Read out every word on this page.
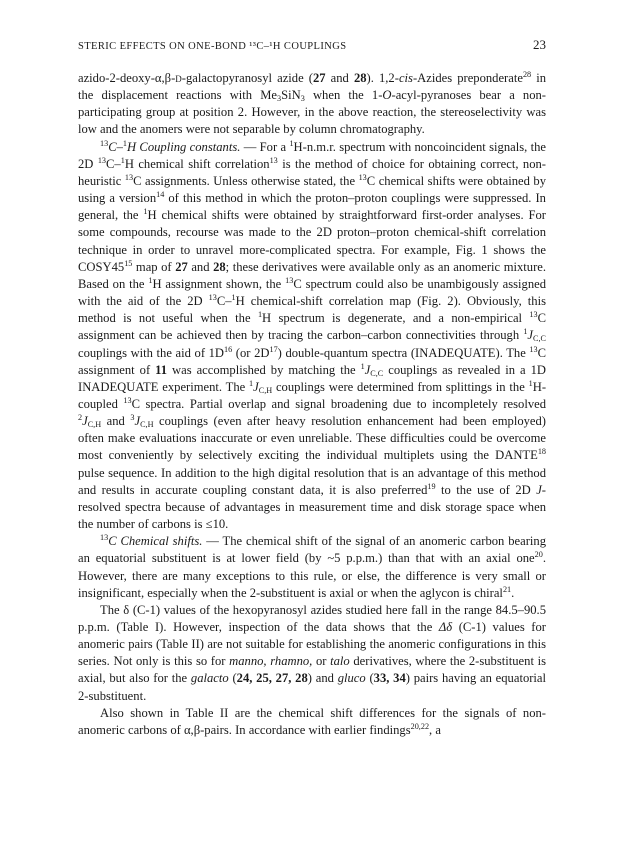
STERIC EFFECTS ON ONE-BOND ¹³C–¹H COUPLINGS	23

azido-2-deoxy-α,β-d-galactopyranosyl azide (27 and 28). 1,2-cis-Azides preponderate$^{28}$ in the displacement reactions with $Me_3SiN_3$ when the 1-O-acyl-pyranoses bear a non-participating group at position 2. However, in the above reaction, the stereoselectivity was low and the anomers were not separable by column chromatography.

$^{13}$C–$^1$H Coupling constants. — For a $^1$H-n.m.r. spectrum with noncoincident signals, the 2D $^{13}$C–$^1$H chemical shift correlation$^{13}$ is the method of choice for obtaining correct, non-heuristic $^{13}$C assignments. Unless otherwise stated, the $^{13}$C chemical shifts were obtained by using a version$^{14}$ of this method in which the proton–proton couplings were suppressed. In general, the $^1$H chemical shifts were obtained by straightforward first-order analyses. For some compounds, recourse was made to the 2D proton–proton chemical-shift correlation technique in order to unravel more-complicated spectra. For example, Fig. 1 shows the $COSY45^{15}$ map of 27 and 28; these derivatives were available only as an anomeric mixture. Based on the $^1$H assignment shown, the $^{13}$C spectrum could also be unambigously assigned with the aid of the 2D $^{13}$C–$^1$H chemical-shift correlation map (Fig. 2). Obviously, this method is not useful when the $^1$H spectrum is degenerate, and a non-empirical $^{13}$C assignment can be achieved then by tracing the carbon–carbon connectivities through $^1J_{C,C}$ couplings with the aid of $1D^{16}$ (or $2D^{17}$) double-quantum spectra (INADEQUATE). The $^{13}$C assignment of 11 was accomplished by matching the $^1J_{C,C}$ couplings as revealed in a 1D INADEQUATE experiment. The $^1J_{C,H}$ couplings were determined from splittings in the $^1$H-coupled $^{13}$C spectra. Partial overlap and signal broadening due to incompletely resolved $^2J_{C,H}$ and $^3J_{C,H}$ couplings (even after heavy resolution enhancement had been employed) often make evaluations inaccurate or even unreliable. These difficulties could be overcome most conveniently by selectively exciting the individual multiplets using the DANTE$^{18}$ pulse sequence. In addition to the high digital resolution that is an advantage of this method and results in accurate coupling constant data, it is also preferred$^{19}$ to the use of 2D J-resolved spectra because of advantages in measurement time and disk storage space when the number of carbons is ≤10.

$^{13}$C Chemical shifts. — The chemical shift of the signal of an anomeric carbon bearing an equatorial substituent is at lower field (by ~5 p.p.m.) than that with an axial one$^{20}$. However, there are many exceptions to this rule, or else, the difference is very small or insignificant, especially when the 2-substituent is axial or when the aglycon is chiral$^{21}$.

The δ (C-1) values of the hexopyranosyl azides studied here fall in the range 84.5–90.5 p.p.m. (Table I). However, inspection of the data shows that the Δδ (C-1) values for anomeric pairs (Table II) are not suitable for establishing the anomeric configurations in this series. Not only is this so for manno, rhamno, or talo derivatives, where the 2-substituent is axial, but also for the galacto (24, 25, 27, 28) and gluco (33, 34) pairs having an equatorial 2-substituent.

Also shown in Table II are the chemical shift differences for the signals of non-anomeric carbons of α,β-pairs. In accordance with earlier findings$^{20,22}$, a
